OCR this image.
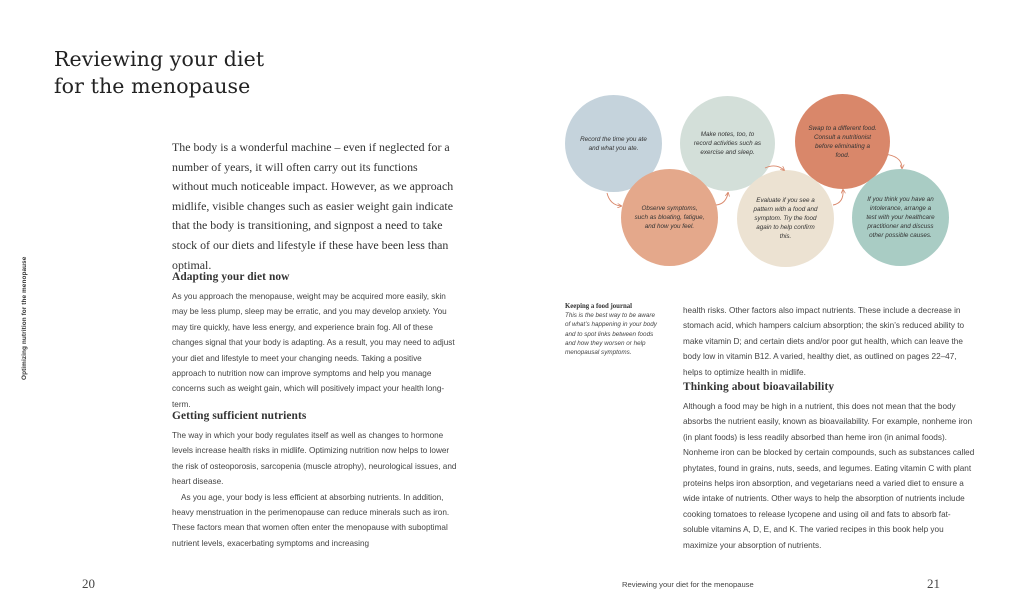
Reviewing your diet
for the menopause

The body is a wonderful machine – even if neglected for a number of years, it will often carry out its functions without much noticeable impact. However, as we approach midlife, visible changes such as easier weight gain indicate that the body is transitioning, and signpost a need to take stock of our diets and lifestyle if these have been less than optimal.

Adapting your diet now

As you approach the menopause, weight may be acquired more easily, skin may be less plump, sleep may be erratic, and you may develop anxiety. You may tire quickly, have less energy, and experience brain fog. All of these changes signal that your body is adapting. As a result, you may need to adjust your diet and lifestyle to meet your changing needs. Taking a positive approach to nutrition now can improve symptoms and help you manage concerns such as weight gain, which will positively impact your health long-term.

Getting sufficient nutrients

The way in which your body regulates itself as well as changes to hormone levels increase health risks in midlife. Optimizing nutrition now helps to lower the risk of osteoporosis, sarcopenia (muscle atrophy), neurological issues, and heart disease.

As you age, your body is less efficient at absorbing nutrients. In addition, heavy menstruation in the perimenopause can reduce minerals such as iron. These factors mean that women often enter the menopause with suboptimal nutrient levels, exacerbating symptoms and increasing

Optimizing nutrition for the menopause
20
Record the time you ate and what you ate.
Make notes, too, to record activities such as exercise and sleep.
Swap to a different food. Consult a nutritionist before eliminating a food.
Observe symptoms, such as bloating, fatigue, and how you feel.
Evaluate if you see a pattern with a food and symptom. Try the food again to help confirm this.
If you think you have an intolerance, arrange a test with your healthcare practitioner and discuss other possible causes.
Keeping a food journal
This is the best way to be aware of what’s happening in your body and to spot links between foods and how they worsen or help menopausal symptoms.

health risks. Other factors also impact nutrients. These include a decrease in stomach acid, which hampers calcium absorption; the skin’s reduced ability to make vitamin D; and certain diets and/or poor gut health, which can leave the body low in vitamin B12. A varied, healthy diet, as outlined on pages 22–47, helps to optimize health in midlife.

Thinking about bioavailability

Although a food may be high in a nutrient, this does not mean that the body absorbs the nutrient easily, known as bioavailability. For example, nonheme iron (in plant foods) is less readily absorbed than heme iron (in animal foods). Nonheme iron can be blocked by certain compounds, such as substances called phytates, found in grains, nuts, seeds, and legumes. Eating vitamin C with plant proteins helps iron absorption, and vegetarians need a varied diet to ensure a wide intake of nutrients. Other ways to help the absorption of nutrients include cooking tomatoes to release lycopene and using oil and fats to absorb fat-soluble vitamins A, D, E, and K. The varied recipes in this book help you maximize your absorption of nutrients.

Reviewing your diet for the menopause	21
